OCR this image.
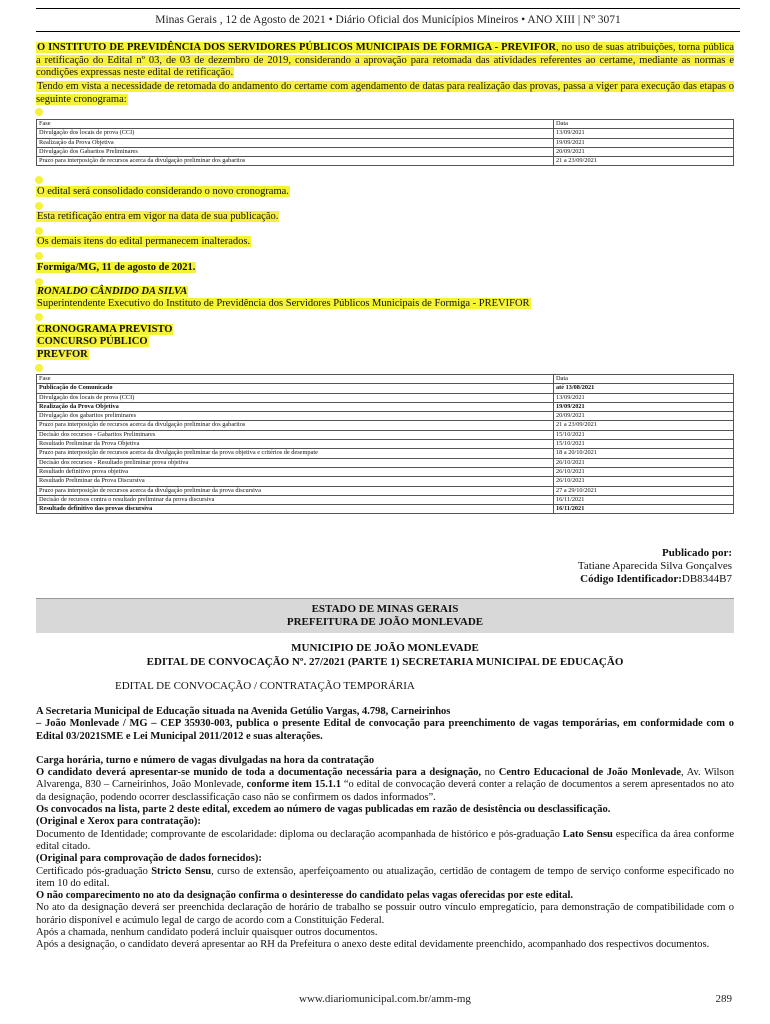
Minas Gerais , 12 de Agosto de 2021 • Diário Oficial dos Municípios Mineiros • ANO XIII | Nº 3071
O INSTITUTO DE PREVIDÊNCIA DOS SERVIDORES PÚBLICOS MUNICIPAIS DE FORMIGA - PREVIFOR, no uso de suas atribuições, torna pública a retificação do Edital nº 03, de 03 de dezembro de 2019, considerando a aprovação para retomada das atividades referentes ao certame, mediante as normas e condições expressas neste edital de retificação.
Tendo em vista a necessidade de retomada do andamento do certame com agendamento de datas para realização das provas, passa a viger para execução das etapas o seguinte cronograma:
Fase	Data
Divulgação dos locais de prova (CCI)	13/09/2021
Realização da Prova Objetiva	19/09/2021
Divulgação dos Gabaritos Preliminares	20/09/2021
Prazo para interposição de recursos acerca da divulgação preliminar dos gabaritos	21 a 23/09/2021
O edital será consolidado considerando o novo cronograma.
Esta retificação entra em vigor na data de sua publicação.
Os demais itens do edital permanecem inalterados.
Formiga/MG, 11 de agosto de 2021.
RONALDO CÂNDIDO DA SILVA
Superintendente Executivo do Instituto de Previdência dos Servidores Públicos Municipais de Formiga - PREVIFOR
CRONOGRAMA PREVISTO
CONCURSO PÚBLICO
PREVFOR
Fase	Data
Publicação do Comunicado	até 13/08/2021
Divulgação dos locais de prova (CCI)	13/09/2021
Realização da Prova Objetiva	19/09/2021
Divulgação dos gabaritos preliminares	20/09/2021
Prazo para interposição de recursos acerca da divulgação preliminar dos gabaritos	21 a 23/09/2021
Decisão dos recursos - Gabaritos Preliminares	15/10/2021
Resultado Preliminar da Prova Objetiva	15/10/2021
Prazo para interposição de recursos acerca da divulgação preliminar da prova objetiva e critérios de desempate	18 a 20/10/2021
Decisão dos recursos - Resultado preliminar prova objetiva	26/10/2021
Resultado definitivo prova objetiva	26/10/2021
Resultado Preliminar da Prova Discursiva	26/10/2021
Prazo para interposição de recursos acerca da divulgação preliminar da prova discursiva	27 a 29/10/2021
Decisão de recursos contra o resultado preliminar da prova discursiva	16/11/2021
Resultado definitivo das provas discursiva	16/11/2021
Publicado por:
Tatiane Aparecida Silva Gonçalves
Código Identificador:DB8344B7
ESTADO DE MINAS GERAIS
PREFEITURA DE JOÃO MONLEVADE
MUNICIPIO DE JOÃO MONLEVADE
EDITAL DE CONVOCAÇÃO Nº. 27/2021 (PARTE 1) SECRETARIA MUNICIPAL DE EDUCAÇÃO
EDITAL DE CONVOCAÇÃO / CONTRATAÇÃO TEMPORÁRIA

A Secretaria Municipal de Educação situada na Avenida Getúlio Vargas, 4.798, Carneirinhos

– João Monlevade / MG – CEP 35930-003, publica o presente Edital de convocação para preenchimento de vagas temporárias, em conformidade com o Edital 03/2021SME e Lei Municipal 2011/2012 e suas alterações.

Carga horária, turno e número de vagas divulgadas na hora da contratação

O candidato deverá apresentar-se munido de toda a documentação necessária para a designação, no Centro Educacional de João Monlevade, Av. Wilson Alvarenga, 830 – Carneirinhos, João Monlevade, conforme item 15.1.1 “o edital de convocação deverá conter a relação de documentos a serem apresentados no ato da designação, podendo ocorrer desclassificação caso não se confirmem os dados informados”.

Os convocados na lista, parte 2 deste edital, excedem ao número de vagas publicadas em razão de desistência ou desclassificação.

(Original e Xerox para contratação):

Documento de Identidade; comprovante de escolaridade: diploma ou declaração acompanhada de histórico e pós-graduação Lato Sensu específica da área conforme edital citado.

(Original para comprovação de dados fornecidos):

Certificado pós-graduação Stricto Sensu, curso de extensão, aperfeiçoamento ou atualização, certidão de contagem de tempo de serviço conforme especificado no item 10 do edital.

O não comparecimento no ato da designação confirma o desinteresse do candidato pelas vagas oferecidas por este edital.

No ato da designação deverá ser preenchida declaração de horário de trabalho se possuir outro vínculo empregatício, para demonstração de compatibilidade com o horário disponível e acúmulo legal de cargo de acordo com a Constituição Federal.

Após a chamada, nenhum candidato poderá incluir quaisquer outros documentos.

Após a designação, o candidato deverá apresentar ao RH da Prefeitura o anexo deste edital devidamente preenchido, acompanhado dos respectivos documentos.

www.diariomunicipal.com.br/amm-mg	289
